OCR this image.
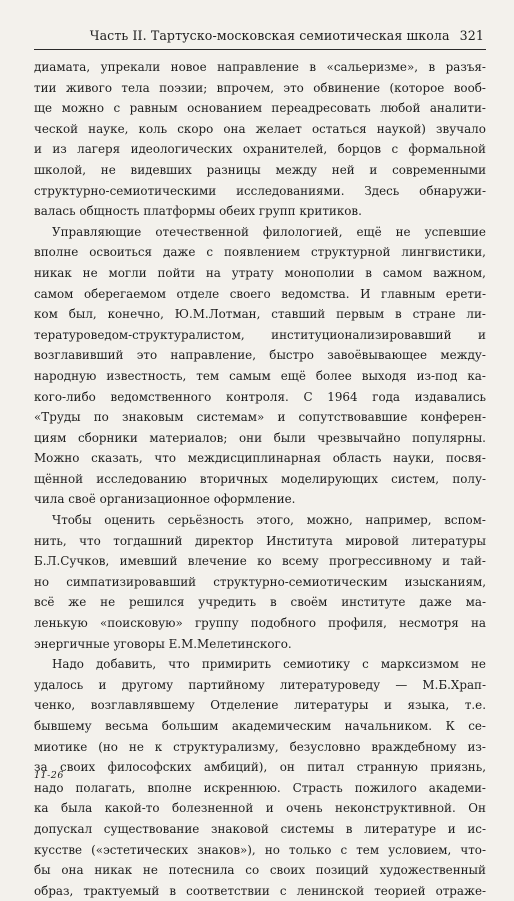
Часть II. Тартуско-московская семиотическая школа 321
диамата, упрекали новое направление в «сальеризме», в разъя-
тии живого тела поэзии; впрочем, это обвинение (которое вооб-
ще можно с равным основанием переадресовать любой аналити-
ческой науке, коль скоро она желает остаться наукой) звучало
и из лагеря идеологических охранителей, борцов с формальной
школой, не видевших разницы между ней и современными
структурно-семиотическими исследованиями. Здесь обнаружи-
валась общность платформы обеих групп критиков.
Управляющие отечественной филологией, ещё не успевшие
вполне освоиться даже с появлением структурной лингвистики,
никак не могли пойти на утрату монополии в самом важном,
самом оберегаемом отделе своего ведомства. И главным ерети-
ком был, конечно, Ю.М.Лотман, ставший первым в стране ли-
тературоведом-структуралистом, институционализировавший и
возглавивший это направление, быстро завоёвывающее между-
народную известность, тем самым ещё более выходя из-под ка-
кого-либо ведомственного контроля. С 1964 года издавались
«Труды по знаковым системам» и сопутствовавшие конферен-
циям сборники материалов; они были чрезвычайно популярны.
Можно сказать, что междисциплинарная область науки, посвя-
щённой исследованию вторичных моделирующих систем, полу-
чила своё организационное оформление.
Чтобы оценить серьёзность этого, можно, например, вспом-
нить, что тогдашний директор Института мировой литературы
Б.Л.Сучков, имевший влечение ко всему прогрессивному и тай-
но симпатизировавший структурно-семиотическим изысканиям,
всё же не решился учредить в своём институте даже ма-
ленькую «поисковую» группу подобного профиля, несмотря на
энергичные уговоры Е.М.Мелетинского.
Надо добавить, что примирить семиотику с марксизмом не
удалось и другому партийному литературоведу — М.Б.Храп-
ченко, возглавлявшему Отделение литературы и языка, т.е.
бывшему весьма большим академическим начальником. К се-
миотике (но не к структурализму, безусловно враждебному из-
за своих философских амбиций), он питал странную приязнь,
надо полагать, вполне искреннюю. Страсть пожилого академи-
ка была какой-то болезненной и очень неконструктивной. Он
допускал существование знаковой системы в литературе и ис-
кусстве («эстетических знаков»), но только с тем условием, что-
бы она никак не потеснила со своих позиций художественный
образ, трактуемый в соответствии с ленинской теорией отраже-
11-26
